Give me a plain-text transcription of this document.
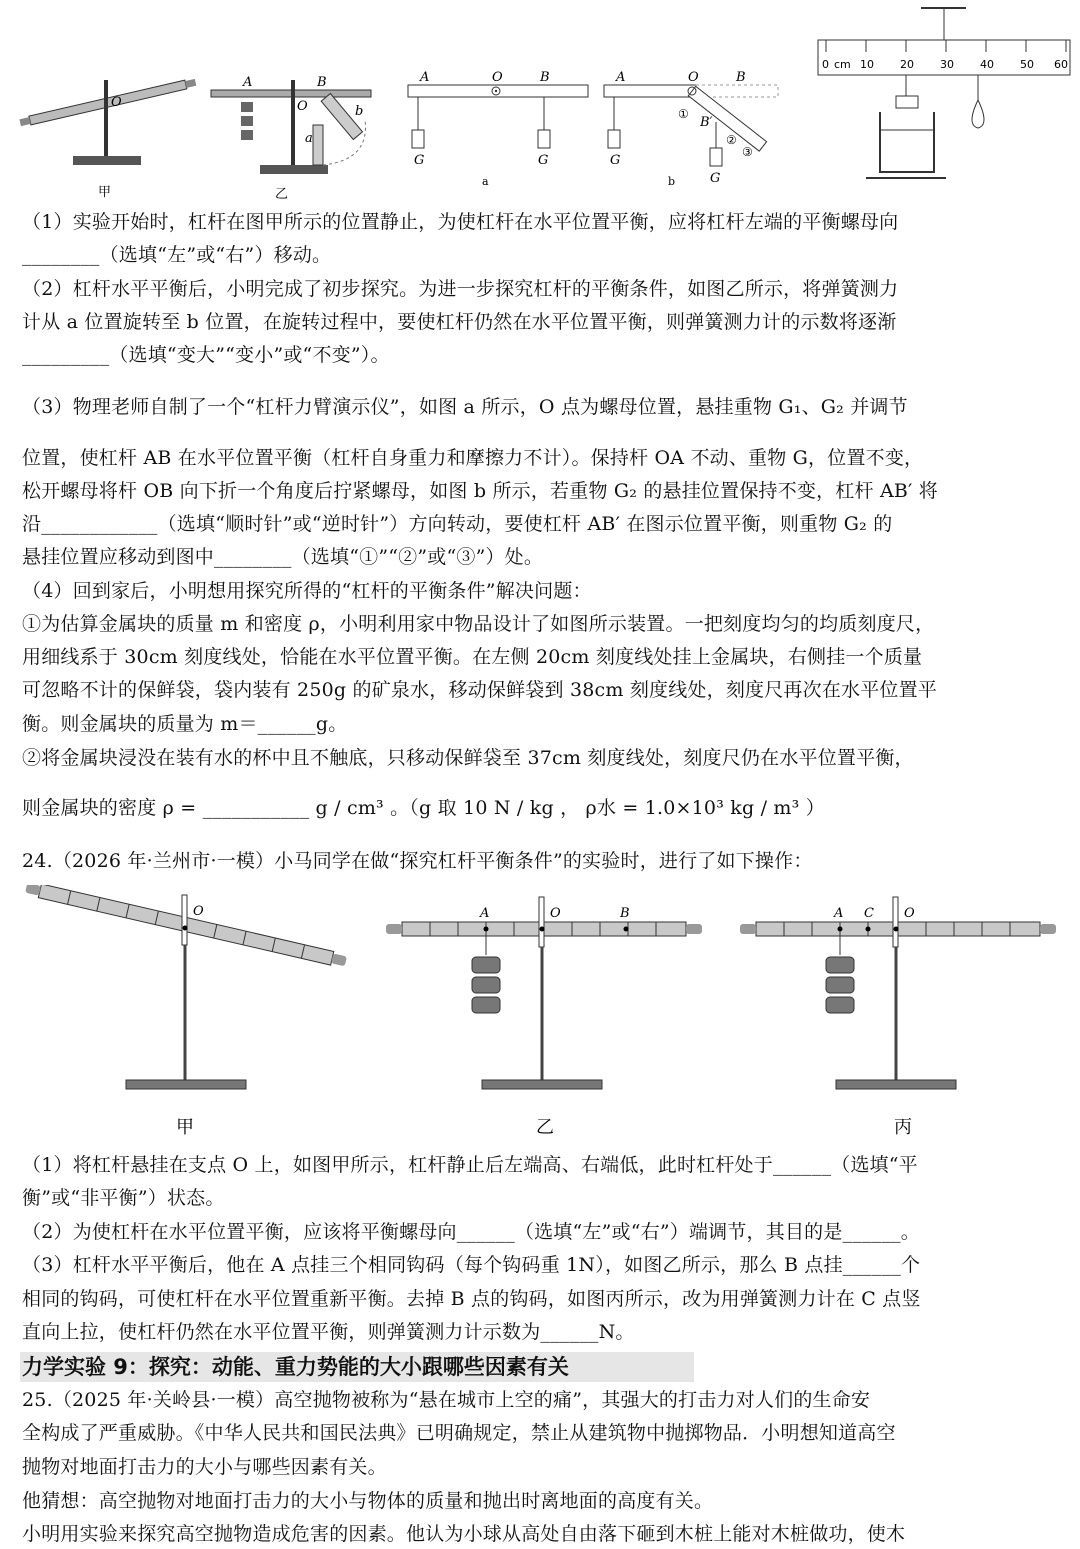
O
甲
A	B
O
a
b
乙
A	O	B
G	G
a
A	O	B
B′
①
②
③
G
G
b
0 cm 10 20 30 40 50 60
（1）实验开始时，杠杆在图甲所示的位置静止，为使杠杆在水平位置平衡，应将杠杆左端的平衡螺母向
________（选填“左”或“右”）移动。
（2）杠杆水平平衡后，小明完成了初步探究。为进一步探究杠杆的平衡条件，如图乙所示，将弹簧测力
计从 a 位置旋转至 b 位置，在旋转过程中，要使杠杆仍然在水平位置平衡，则弹簧测力计的示数将逐渐
_________（选填“变大”“变小”或“不变”）。
（3）物理老师自制了一个“杠杆力臂演示仪”，如图 a 所示，O 点为螺母位置，悬挂重物 G₁、G₂ 并调节
位置，使杠杆 AB 在水平位置平衡（杠杆自身重力和摩擦力不计）。保持杆 OA 不动、重物 G，位置不变，
松开螺母将杆 OB 向下折一个角度后拧紧螺母，如图 b 所示，若重物 G₂ 的悬挂位置保持不变，杠杆 AB′ 将
沿____________（选填“顺时针”或“逆时针”）方向转动，要使杠杆 AB′ 在图示位置平衡，则重物 G₂ 的
悬挂位置应移动到图中________（选填“①”“②”或“③”）处。
（4）回到家后，小明想用探究所得的“杠杆的平衡条件”解决问题：
①为估算金属块的质量 m 和密度 ρ，小明利用家中物品设计了如图所示装置。一把刻度均匀的均质刻度尺，
用细线系于 30cm 刻度线处，恰能在水平位置平衡。在左侧 20cm 刻度线处挂上金属块，右侧挂一个质量
可忽略不计的保鲜袋，袋内装有 250g 的矿泉水，移动保鲜袋到 38cm 刻度线处，刻度尺再次在水平位置平
衡。则金属块的质量为 m＝______g。
②将金属块浸没在装有水的杯中且不触底，只移动保鲜袋至 37cm 刻度线处，刻度尺仍在水平位置平衡，
则金属块的密度 ρ = ___________ g / cm³ 。（g 取 10 N / kg ， ρ水 = 1.0×10³ kg / m³ ）
24.（2026 年·兰州市·一模）小马同学在做“探究杠杆平衡条件”的实验时，进行了如下操作：
O
甲
A	O	B
乙
A C O
丙
（1）将杠杆悬挂在支点 O 上，如图甲所示，杠杆静止后左端高、右端低，此时杠杆处于______（选填“平
衡”或“非平衡”）状态。
（2）为使杠杆在水平位置平衡，应该将平衡螺母向______（选填“左”或“右”）端调节，其目的是______。
（3）杠杆水平平衡后，他在 A 点挂三个相同钩码（每个钩码重 1N），如图乙所示，那么 B 点挂______个
相同的钩码，可使杠杆在水平位置重新平衡。去掉 B 点的钩码，如图丙所示，改为用弹簧测力计在 C 点竖
直向上拉，使杠杆仍然在水平位置平衡，则弹簧测力计示数为______N。
力学实验 9：探究：动能、重力势能的大小跟哪些因素有关
25.（2025 年·关岭县·一模）高空抛物被称为“悬在城市上空的痛”，其强大的打击力对人们的生命安
全构成了严重威胁。《中华人民共和国民法典》已明确规定，禁止从建筑物中抛掷物品．小明想知道高空
抛物对地面打击力的大小与哪些因素有关。
他猜想：高空抛物对地面打击力的大小与物体的质量和抛出时离地面的高度有关。
小明用实验来探究高空抛物造成危害的因素。他认为小球从高处自由落下砸到木桩上能对木桩做功，使木
